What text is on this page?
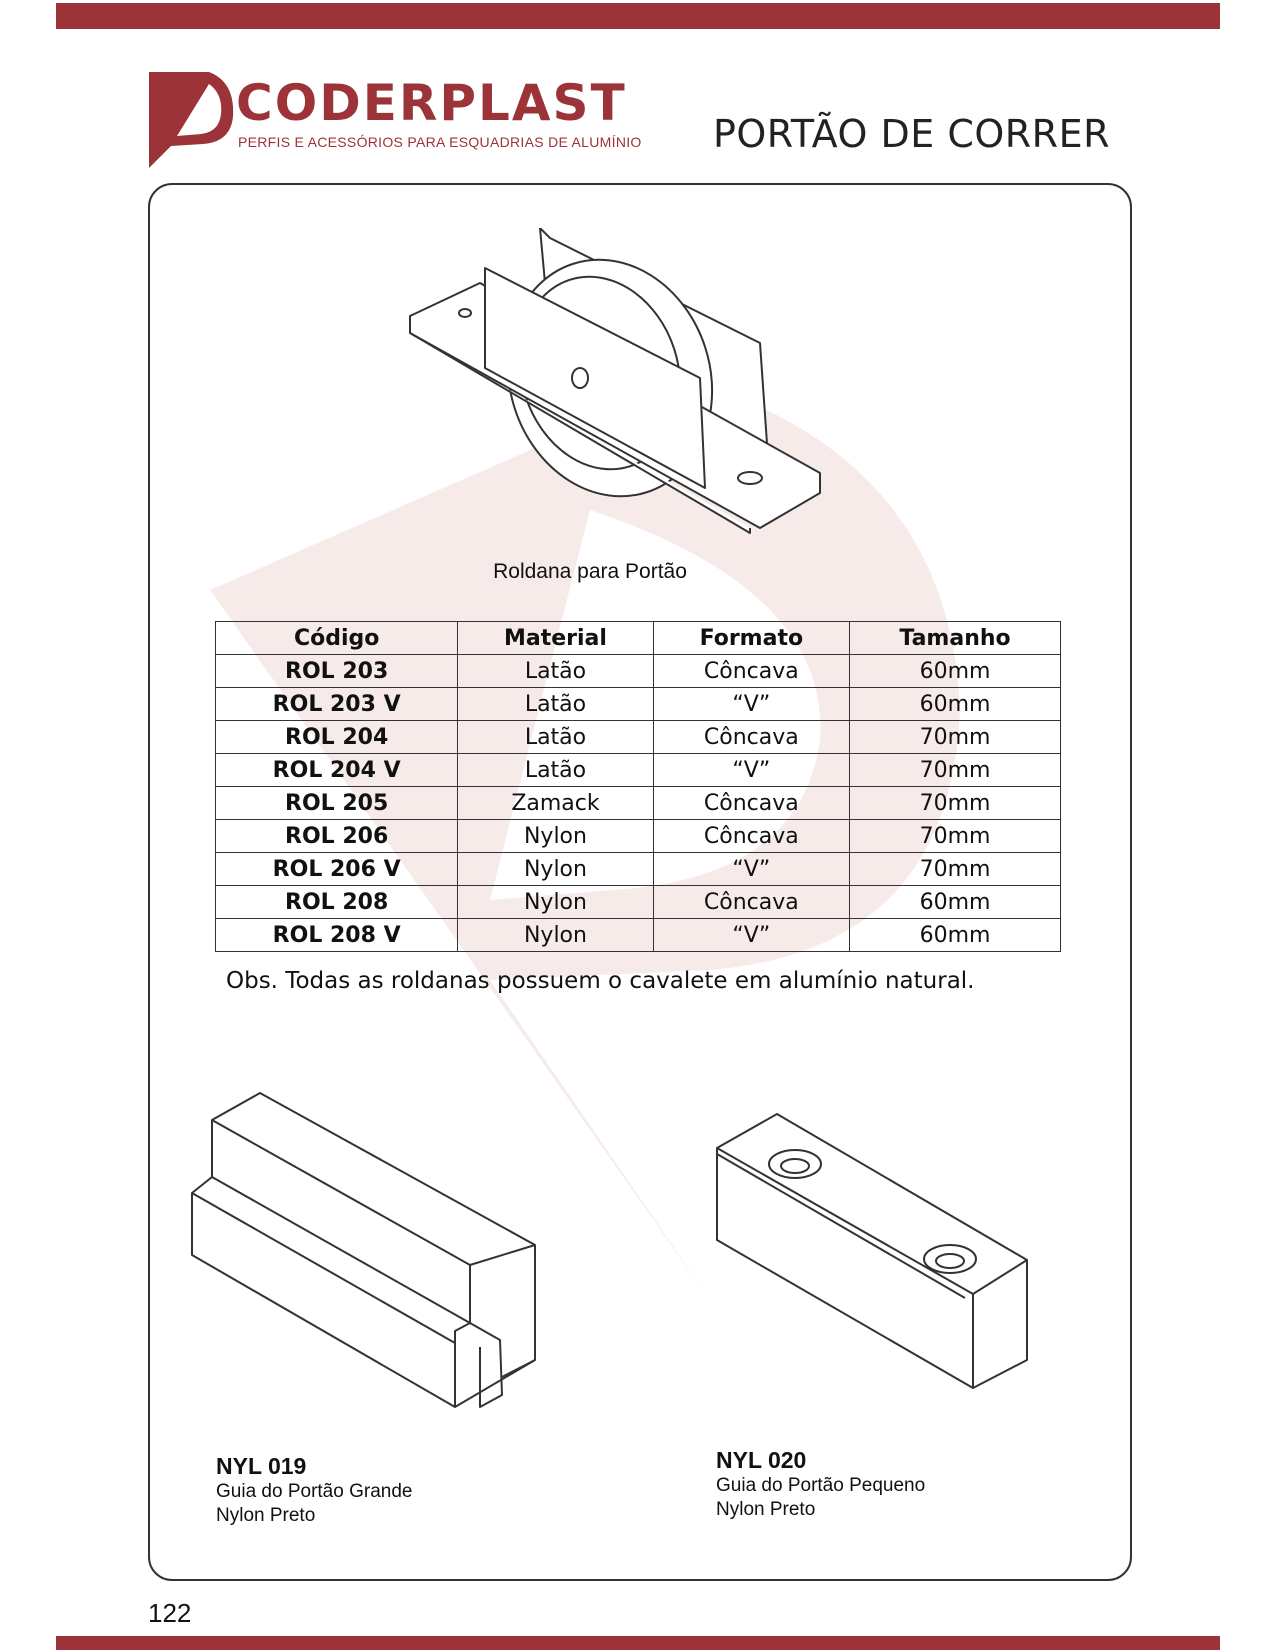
CODERPLAST
PERFIS E ACESSÓRIOS PARA ESQUADRIAS DE ALUMÍNIO PORTÃO DE CORRER
Roldana para Portão
Código	Material	Formato	Tamanho
ROL 203	Latão	Côncava	60mm
ROL 203 V	Latão	“V”	60mm
ROL 204	Latão	Côncava	70mm
ROL 204 V	Latão	“V”	70mm
ROL 205	Zamack	Côncava	70mm
ROL 206	Nylon	Côncava	70mm
ROL 206 V	Nylon	“V”	70mm
ROL 208	Nylon	Côncava	60mm
ROL 208 V	Nylon	“V”	60mm
Obs. Todas as roldanas possuem o cavalete em alumínio natural.
NYL 019
Guia do Portão Grande
Nylon Preto
NYL 020
Guia do Portão Pequeno
Nylon Preto
122
